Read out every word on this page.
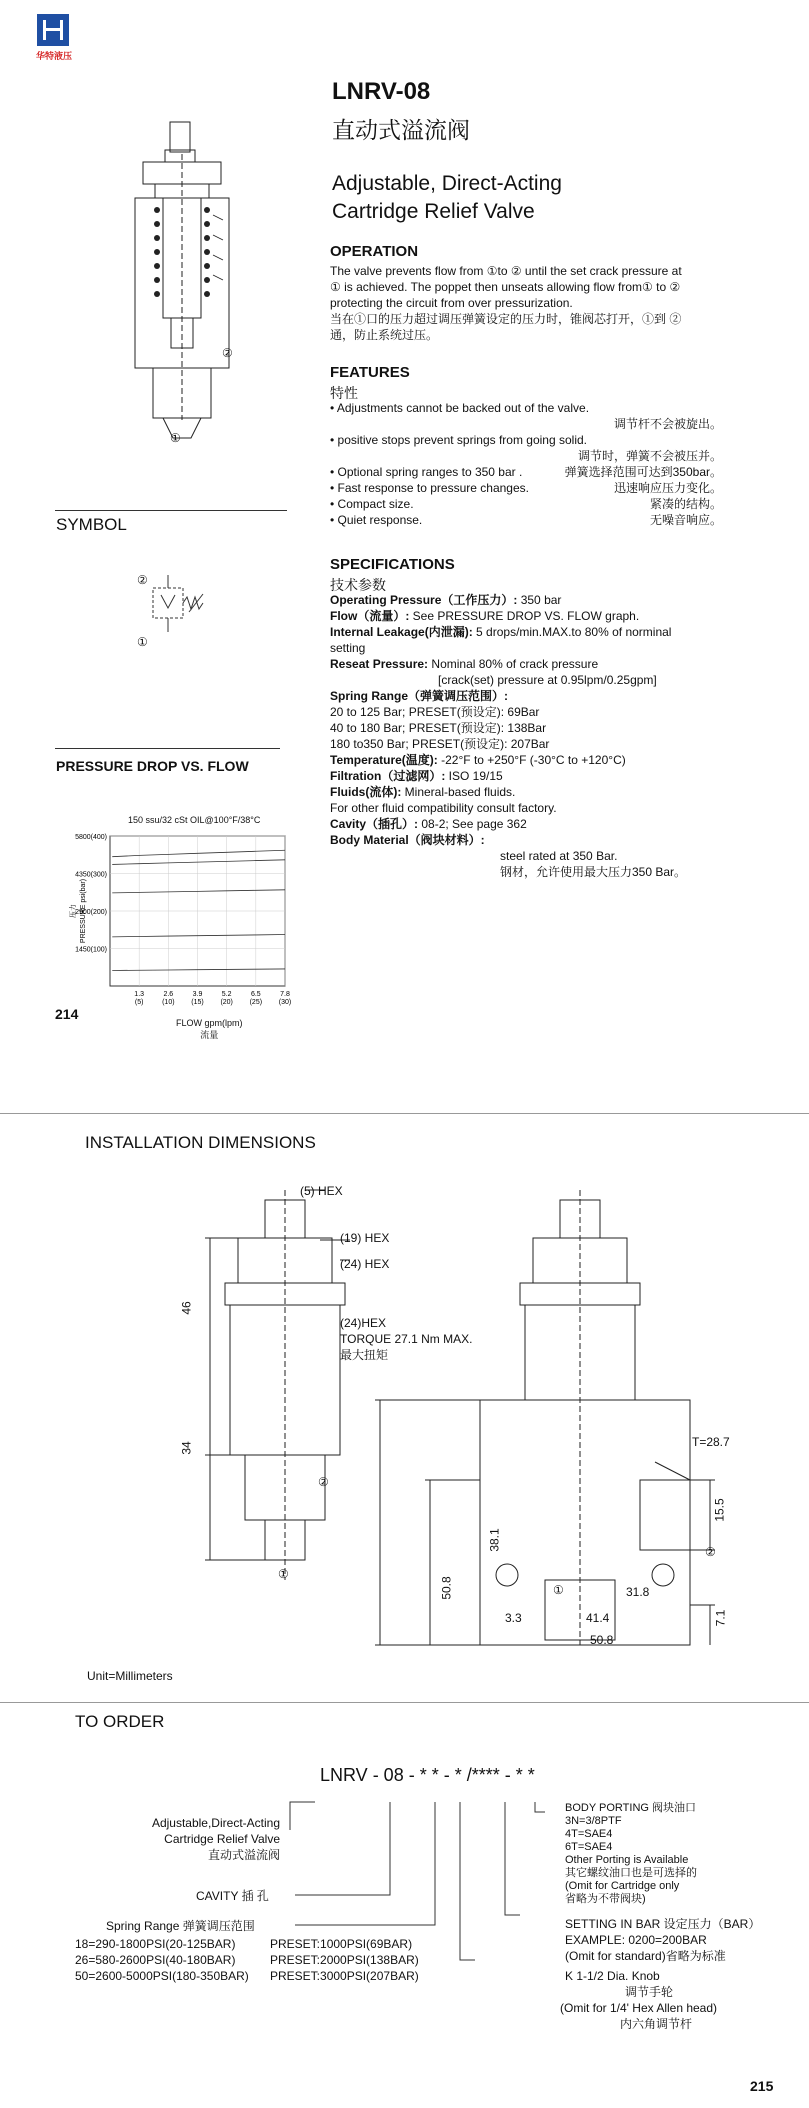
华特液压
LNRV-08
直动式溢流阀
Adjustable, Direct-Acting
Cartridge Relief Valve
②
①
SYMBOL
②
①
PRESSURE DROP VS. FLOW
150 ssu/32 cSt OIL@100°F/38°C
5800(400)
4350(300)
2900(200)
1450(100)
1.3
(5)
2.6
(10)
3.9
(15)
5.2
(20)
6.5
(25)
7.8
(30)
PRESSURE psi(bar)
压力
FLOW gpm(lpm)
流量
214
OPERATION
The valve prevents flow from ①to ② until the set crack pressure at
① is achieved. The poppet then unseats allowing flow from① to ②
protecting the circuit from over pressurization.
当在①口的压力超过调压弹簧设定的压力时，锥阀芯打开，①到 ②
通，防止系统过压。
FEATURES
特性
• Adjustments cannot be backed out of the valve.
调节杆不会被旋出。
• positive stops prevent springs from going solid.
调节时，弹簧不会被压并。
• Optional spring ranges to 350 bar .	弹簧选择范围可达到350bar。
• Fast response to pressure changes.	迅速响应压力变化。
• Compact size.	紧凑的结构。
• Quiet response.	无噪音响应。
SPECIFICATIONS
技术参数
Operating Pressure（工作压力）: 350 bar
Flow（流量）: See PRESSURE DROP VS. FLOW graph.
Internal Leakage(内泄漏): 5 drops/min.MAX.to 80% of norminal
setting
Reseat Pressure: Nominal 80% of crack pressure
[crack(set) pressure at 0.95lpm/0.25gpm]
Spring Range（弹簧调压范围）:
20 to 125 Bar; PRESET(预设定): 69Bar
40 to 180 Bar; PRESET(预设定): 138Bar
180 to350 Bar; PRESET(预设定): 207Bar
Temperature(温度): -22°F to +250°F (-30°C to +120°C)
Filtration（过滤网）: ISO 19/15
Fluids(流体): Mineral-based fluids.
For other fluid compatibility consult factory.
Cavity（插孔）: 08-2; See page 362
Body Material（阀块材料）:
steel rated at 350 Bar.
钢材，允许使用最大压力350 Bar。
INSTALLATION DIMENSIONS
(5) HEX
(19) HEX
(24) HEX
(24)HEX
TORQUE 27.1 Nm MAX.
最大扭矩
46
34
②
①
50.8
38.1
T=28.7
15.5
7.1
②
①	31.8
41.4
3.3
50.8
Unit=Millimeters
TO ORDER
LNRV - 08 - * * - * /**** - * *
Adjustable,Direct-Acting
Cartridge Relief Valve
直动式溢流阀
CAVITY 插 孔
Spring Range 弹簧调压范围
18=290-1800PSI(20-125BAR)	PRESET:1000PSI(69BAR)
26=580-2600PSI(40-180BAR)	PRESET:2000PSI(138BAR)
50=2600-5000PSI(180-350BAR) PRESET:3000PSI(207BAR)
BODY PORTING 阀块油口
3N=3/8PTF
4T=SAE4
6T=SAE4
Other Porting is Available
其它螺纹油口也是可选择的
(Omit for Cartridge only
省略为不带阀块)
SETTING IN BAR 设定压力（BAR）
EXAMPLE: 0200=200BAR
(Omit for standard)省略为标准
K 1-1/2 Dia. Knob
调节手轮
(Omit for 1/4' Hex Allen head)
内六角调节杆
215
